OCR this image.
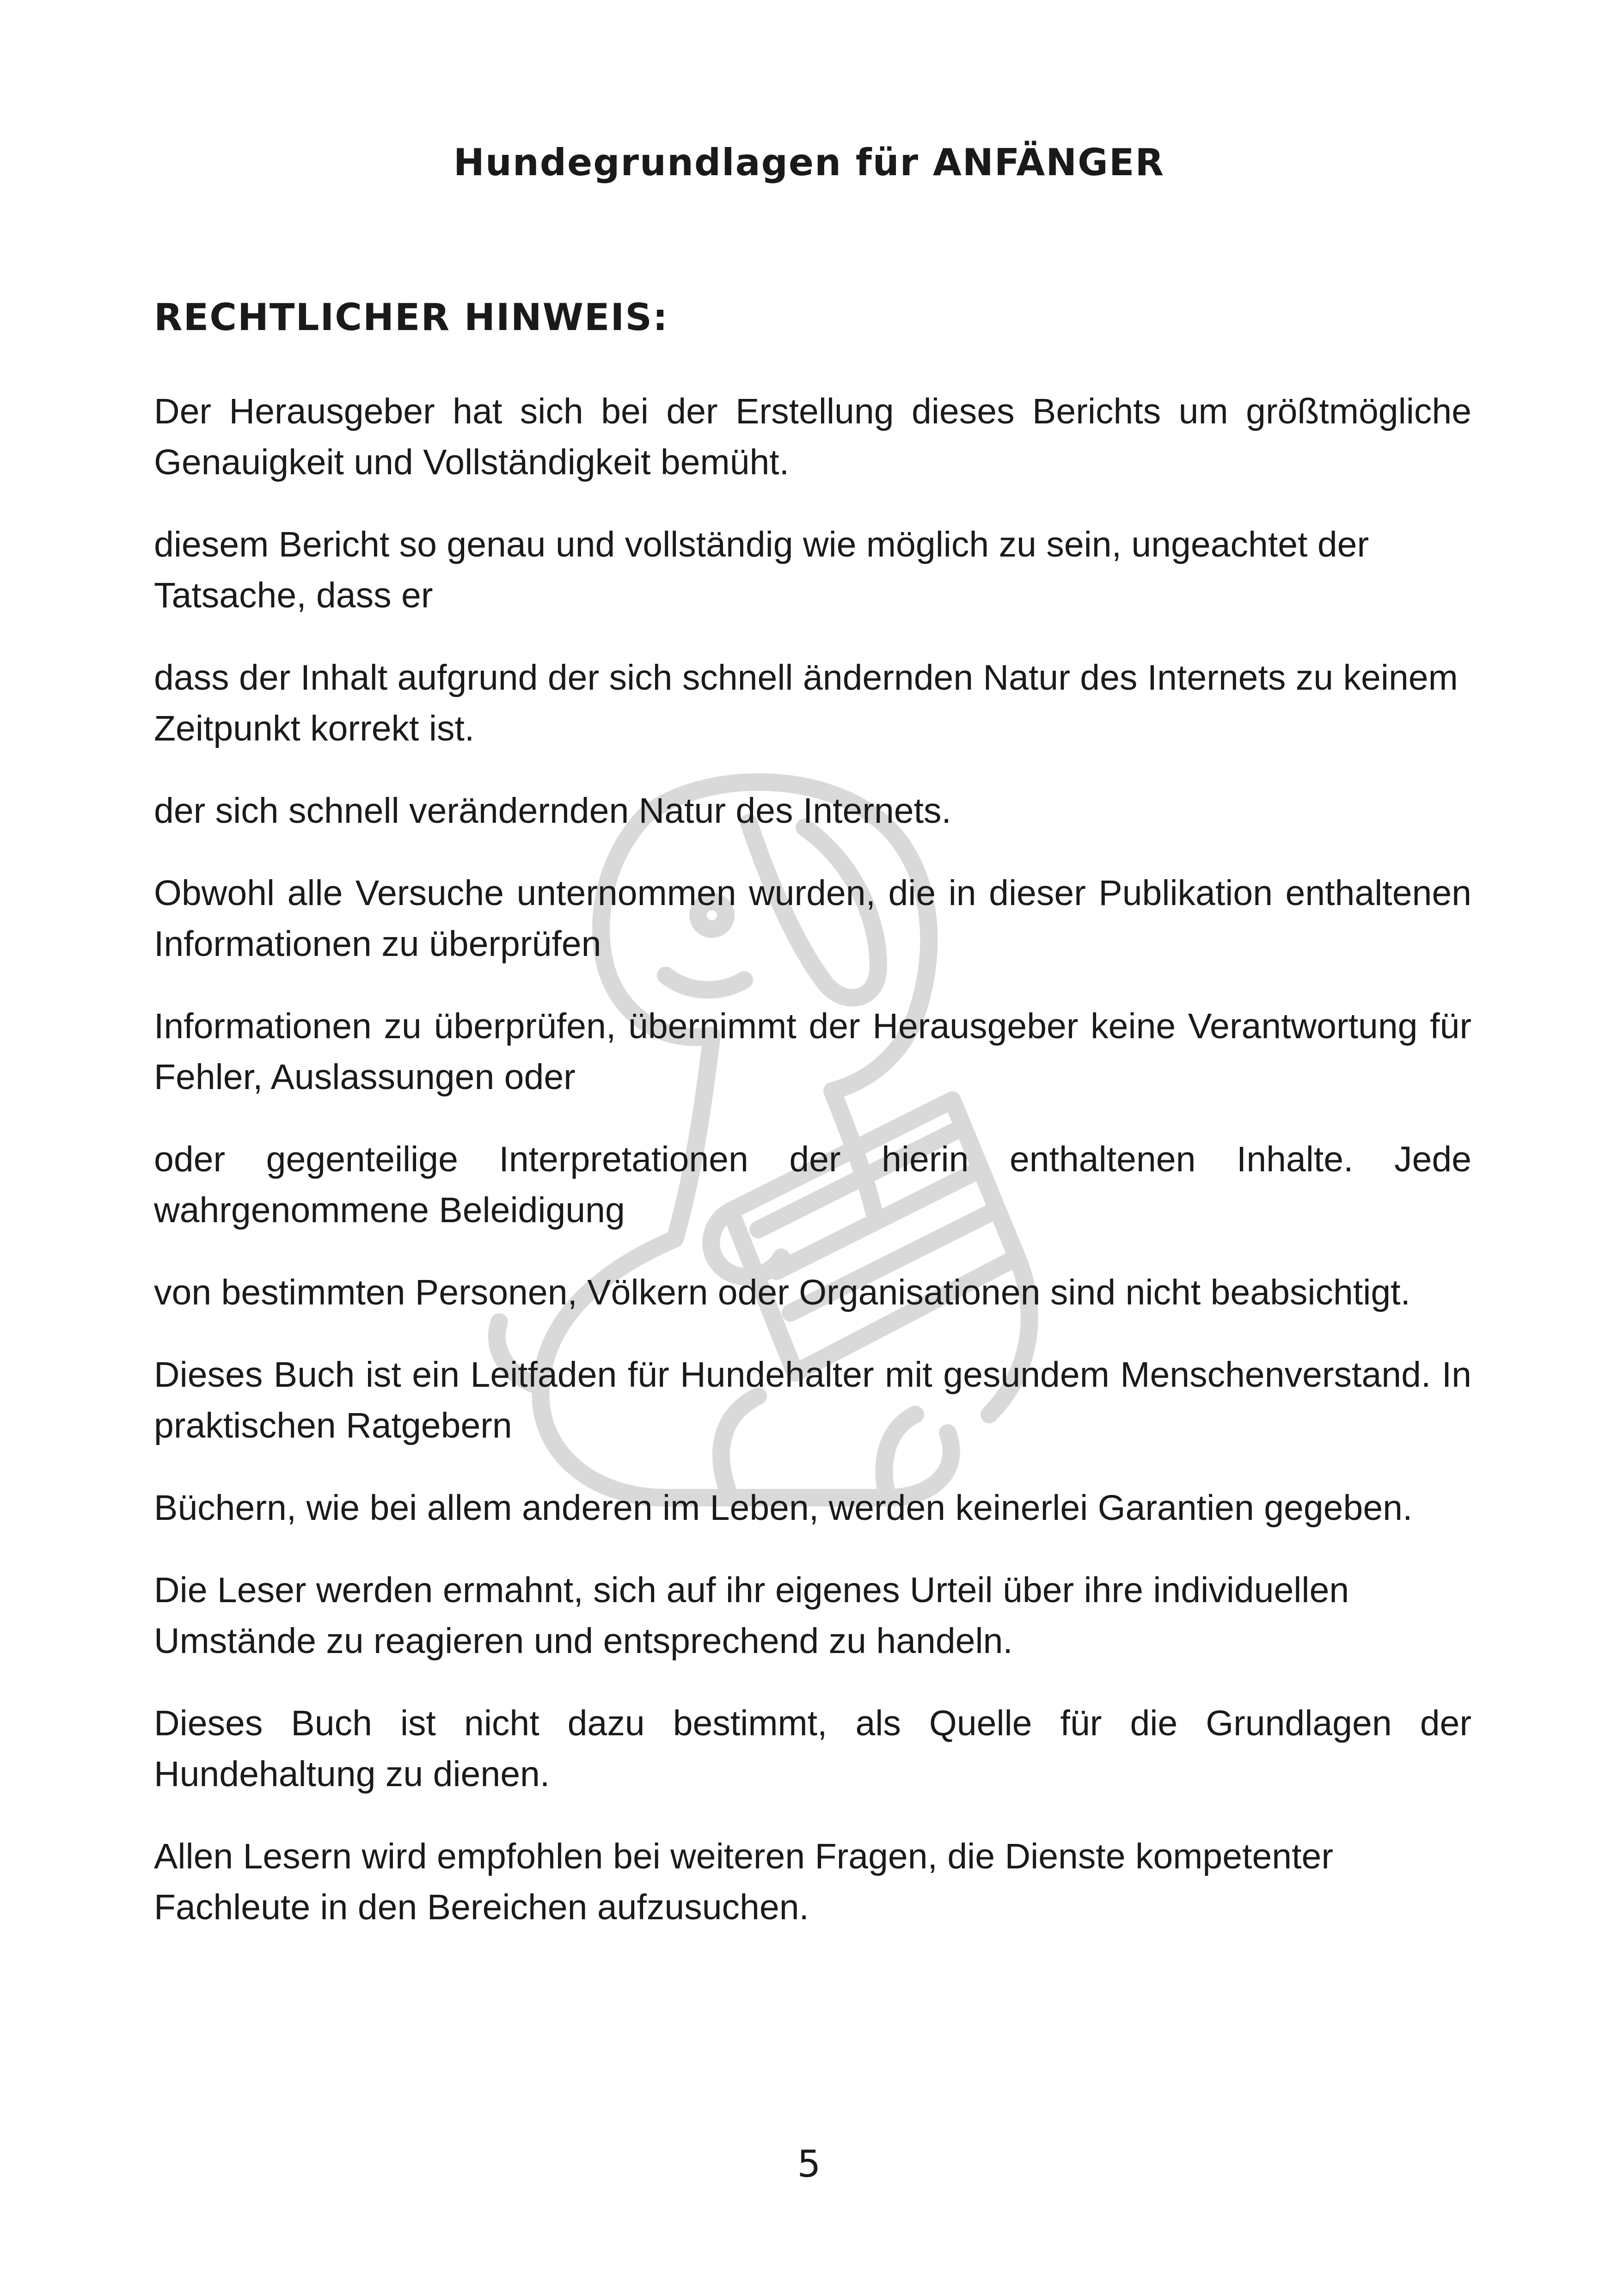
Hundegrundlagen für ANFÄNGER
RECHTLICHER HINWEIS:

Der Herausgeber hat sich bei der Erstellung dieses Berichts um größtmögliche Genauigkeit und Vollständigkeit bemüht.

diesem Bericht so genau und vollständig wie möglich zu sein, ungeachtet der Tatsache, dass er

dass der Inhalt aufgrund der sich schnell ändernden Natur des Internets zu keinem Zeitpunkt korrekt ist.

der sich schnell verändernden Natur des Internets.

Obwohl alle Versuche unternommen wurden, die in dieser Publikation enthaltenen Informationen zu überprüfen

Informationen zu überprüfen, übernimmt der Herausgeber keine Verantwortung für Fehler, Auslassungen oder

oder gegenteilige Interpretationen der hierin enthaltenen Inhalte. Jede wahrgenommene Beleidigung

von bestimmten Personen, Völkern oder Organisationen sind nicht beabsichtigt.

Dieses Buch ist ein Leitfaden für Hundehalter mit gesundem Menschenverstand. In praktischen Ratgebern

Büchern, wie bei allem anderen im Leben, werden keinerlei Garantien gegeben.

Die Leser werden ermahnt, sich auf ihr eigenes Urteil über ihre individuellen Umstände zu reagieren und entsprechend zu handeln.

Dieses Buch ist nicht dazu bestimmt, als Quelle für die Grundlagen der Hundehaltung zu dienen.

Allen Lesern wird empfohlen bei weiteren Fragen, die Dienste kompetenter Fachleute in den Bereichen aufzusuchen.

5
